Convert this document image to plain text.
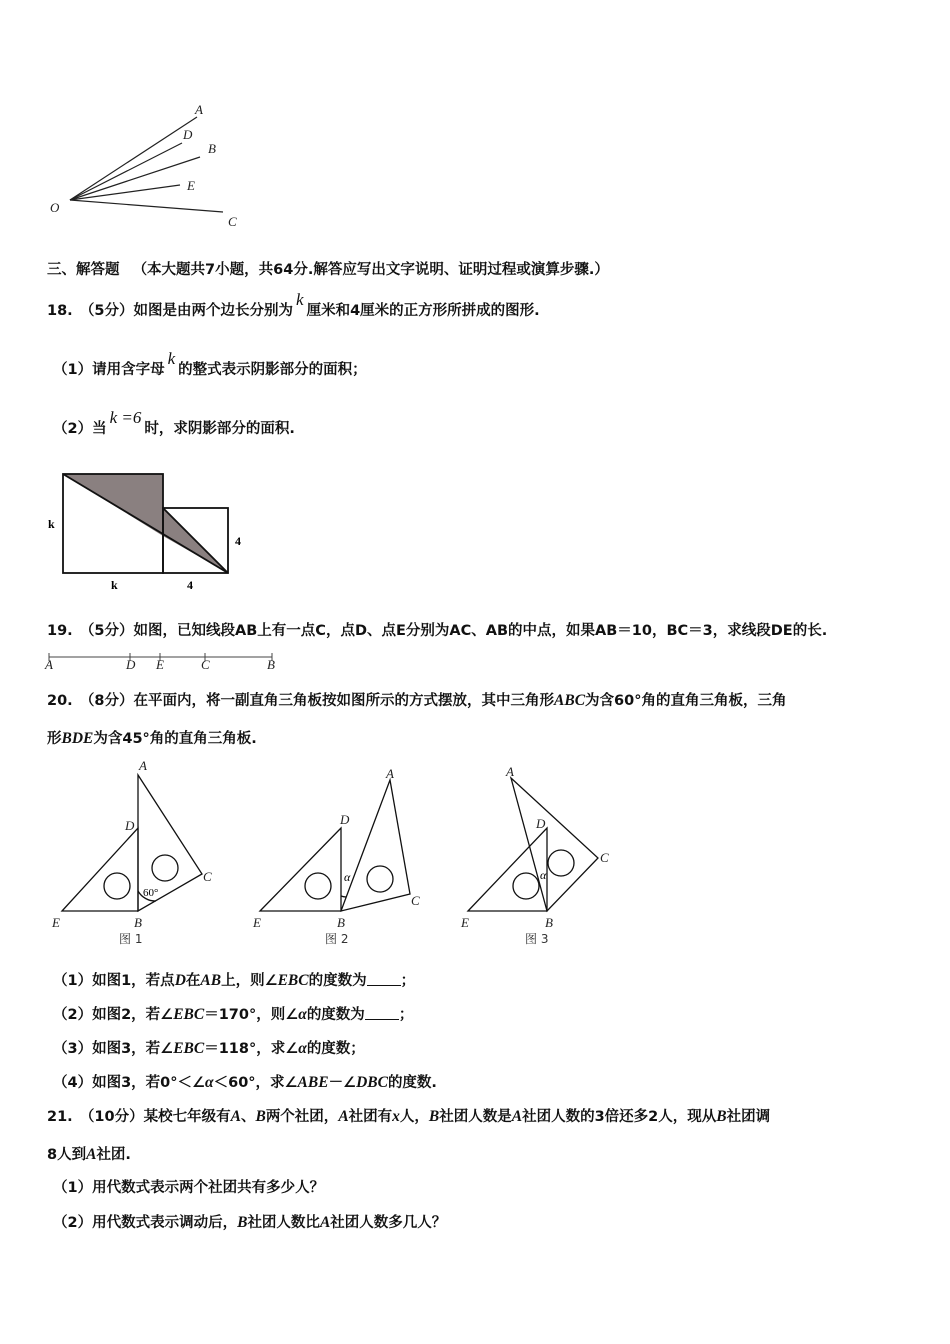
A
D
B
E
C
O
三、解答题 （本大题共7小题，共64分.解答应写出文字说明、证明过程或演算步骤.）
18.　（5分）如图是由两个边长分别为k厘米和4厘米的正方形所拼成的图形.
（1）请用含字母k的整式表示阴影部分的面积；
（2）当k =6时，求阴影部分的面积.
k
k
4
4
19.　（5分）如图，已知线段AB上有一点C，点D、点E分别为AC、AB的中点，如果AB＝10，BC＝3，求线段DE的长.
A	D E	C	B
20.　（8分）在平面内，将一副直角三角板按如图所示的方式摆放，其中三角形ABC为含60°角的直角三角板，三角
形BDE为含45°角的直角三角板.
60°
A
D
C
E	B
图 1
α
A
D
C
E	B
图 2
α
A
D
C
E	B
图 3
（1）如图1，若点D在AB上，则∠EBC的度数为 ；
（2）如图2，若∠EBC＝170°，则∠α的度数为 ；
（3）如图3，若∠EBC＝118°，求∠α的度数；
（4）如图3，若0°＜∠α＜60°，求∠ABE－∠DBC的度数.
21.　（10分）某校七年级有A、B两个社团，A社团有x人，B社团人数是A社团人数的3倍还多2人，现从B社团调
8人到A社团.
（1）用代数式表示两个社团共有多少人？
（2）用代数式表示调动后，B社团人数比A社团人数多几人？
